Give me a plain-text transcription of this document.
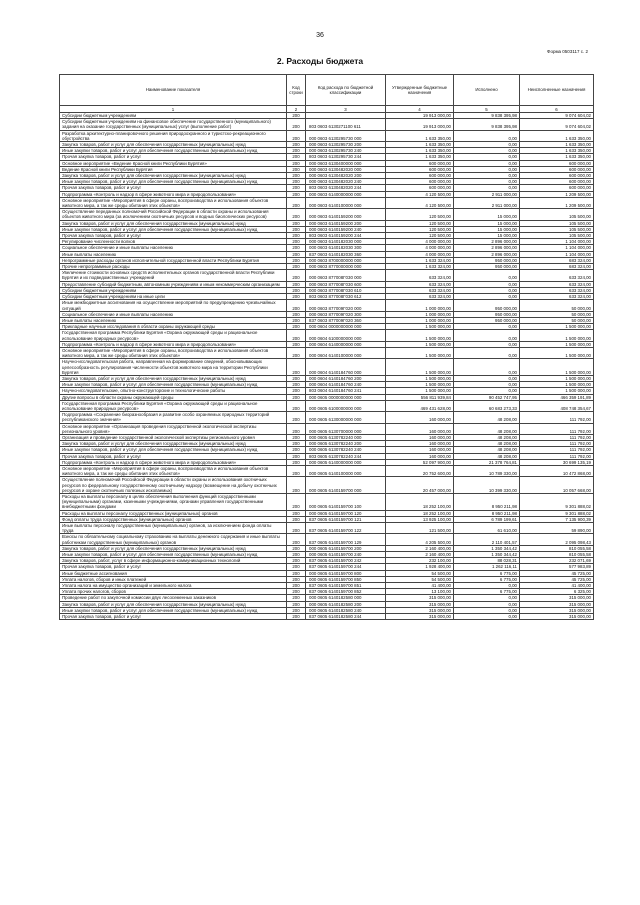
36
Форма 0503117 с. 2
2. Расходы бюджета
Наименование показателя	Код строки	Код расхода по бюджетной классификации	Утвержденные бюджетные назначения	Исполнено	Неисполненные назначения
1	2	3	4	5	6
Субсидии бюджетным учреждениям	200		19 913 000,00	9 838 395,98	9 074 604,02
Субсидии бюджетным учреждениям на финансовое обеспечение государственного (муниципального) задания на оказание государственных (муниципальных) услуг (выполнение работ)	200	803 0603 6130271100 611	19 913 000,00	9 838 395,98	9 074 604,02
Разработка архитектурно-планировочного решения природоохранного и туристско-рекреационного обустройства	200	000 0603 6130295730 000	1 633 350,00	0,00	1 633 350,00
Закупка товаров, работ и услуг для обеспечения государственных (муниципальных) нужд	200	000 0603 6130295730 200	1 633 350,00	0,00	1 633 350,00
Иные закупки товаров, работ и услуг для обеспечения государственных (муниципальных) нужд	200	000 0603 6130295730 240	1 633 350,00	0,00	1 633 350,00
Прочая закупка товаров, работ и услуг	200	803 0603 6130295730 244	1 633 350,00	0,00	1 633 350,00
Основное мероприятие «Ведение Красной книги Республики Бурятия»	200	000 0603 6130400000 000	600 000,00	0,00	600 000,00
Ведение Красной книги Республики Бурятия	200	000 0603 6130482020 000	600 000,00	0,00	600 000,00
Закупка товаров, работ и услуг для обеспечения государственных (муниципальных) нужд	200	000 0603 6130482020 200	600 000,00	0,00	600 000,00
Иные закупки товаров, работ и услуг для обеспечения государственных (муниципальных) нужд	200	000 0603 6130482020 240	600 000,00	0,00	600 000,00
Прочая закупка товаров, работ и услуг	200	803 0603 6130482020 244	600 000,00	0,00	600 000,00
Подпрограмма «Контроль и надзор в сфере животного мира и природопользования»	200	000 0603 6140000000 000	4 120 500,00	2 911 000,00	1 209 500,00
Основное мероприятие «Мероприятия в сфере охраны, воспроизводства и использования объектов животного мира, а так же среды обитания этих объектов»	200	000 0603 6140100000 000	4 120 500,00	2 911 000,00	1 209 500,00
Осуществление переданных полномочий Российской Федерации в области охраны и использования объектов животного мира (за исключением охотничьих ресурсов и водных биологических ресурсов)	200	000 0603 6140159200 000	120 500,00	15 000,00	105 500,00
Закупка товаров, работ и услуг для обеспечения государственных (муниципальных) нужд	200	000 0603 6140159200 200	120 500,00	15 000,00	105 500,00
Иные закупки товаров, работ и услуг для обеспечения государственных (муниципальных) нужд	200	000 0603 6140159200 240	120 500,00	15 000,00	105 500,00
Прочая закупка товаров, работ и услуг	200	803 0603 6140159200 244	120 500,00	15 000,00	105 500,00
Регулирование численности волков	200	000 0603 6140182030 000	4 000 000,00	2 896 000,00	1 104 000,00
Социальное обеспечение и иные выплаты населению	200	000 0603 6140182030 300	4 000 000,00	2 896 000,00	1 104 000,00
Иные выплаты населению	200	837 0603 6140182030 360	4 000 000,00	2 896 000,00	1 104 000,00
Непрограммные расходы органов исполнительной государственной власти Республики Бурятия	200	000 0603 8700000000 000	1 633 324,00	950 000,00	683 324,00
Прочие непрограммные расходы	200	000 0603 8770000000 000	1 633 324,00	950 000,00	683 324,00
Увеличение стоимости основных средств исполнительных органов государственной власти Республики Бурятия и их подведомственных учреждений	200	000 0603 877008Г030 000	633 324,00	0,00	633 324,00
Предоставление субсидий бюджетным, автономным учреждениям и иным некоммерческим организациям	200	000 0603 877008Г030 600	633 324,00	0,00	633 324,00
Субсидии бюджетным учреждениям	200	000 0603 877008Г030 610	633 324,00	0,00	633 324,00
Субсидии бюджетным учреждениям на иные цели	200	803 0603 877008Г030 612	633 324,00	0,00	633 324,00
Иные межбюджетные ассигнования на осуществление мероприятий по предупреждению чрезвычайных ситуаций	200	000 0603 877009Г020 000	1 000 000,00	950 000,00	50 000,00
Социальное обеспечение и иные выплаты населению	200	000 0603 877009Г020 300	1 000 000,00	950 000,00	50 000,00
Иные выплаты населению	200	837 0603 877009Г020 360	1 000 000,00	950 000,00	50 000,00
Прикладные научные исследования в области охраны окружающей среды	200	000 0604 0000000000 000	1 500 000,00	0,00	1 500 000,00
Государственная программа Республики Бурятия «Охрана окружающей среды и рациональное использование природных ресурсов»	200	000 0604 6100000000 000	1 500 000,00	0,00	1 500 000,00
Подпрограмма «Контроль и надзор в сфере животного мира и природопользования»	200	000 0604 6140000000 000	1 500 000,00	0,00	1 500 000,00
Основное мероприятие «Мероприятия в сфере охраны, воспроизводства и использования объектов животного мира, а так же среды обитания этих объектов»	200	000 0604 6140100000 000	1 500 000,00	0,00	1 500 000,00
Научно-исследовательская работа, направленная на формирование сведений, обосновывающих целесообразность регулирования численности объектов животного мира на территории Республики Бурятия	200	000 0604 6140184760 000	1 500 000,00	0,00	1 500 000,00
Закупка товаров, работ и услуг для обеспечения государственных (муниципальных) нужд	200	000 0604 6140184760 200	1 500 000,00	0,00	1 500 000,00
Иные закупки товаров, работ и услуг для обеспечения государственных (муниципальных) нужд	200	000 0604 6140184760 240	1 500 000,00	0,00	1 500 000,00
Научно-исследовательские, опытно-конструкторские и технологические работы	200	803 0604 6140184760 241	1 500 000,00	0,00	1 500 000,00
Другие вопросы в области охраны окружающей среды	200	000 0605 0000000000 000	556 811 939,84	90 452 747,95	466 359 191,89
Государственная программа Республики Бурятия «Охрана окружающей среды и рациональное использование природных ресурсов»	200	000 0605 6100000000 000	469 431 628,00	60 683 273,33	408 748 354,67
Подпрограмма «Сохранение биоразнообразия и развитие особо охраняемых природных территорий республиканского значения»	200	000 0605 6130000000 000	160 000,00	48 208,00	111 792,00
Основное мероприятие «Организация проведения государственной экологической экспертизы регионального уровня»	200	000 0605 6130700000 000	160 000,00	48 208,00	111 792,00
Организация и проведение государственной экологической экспертизы регионального уровня	200	000 0605 6130782240 000	160 000,00	48 208,00	111 792,00
Закупка товаров, работ и услуг для обеспечения государственных (муниципальных) нужд	200	000 0605 6130782240 200	160 000,00	48 208,00	111 792,00
Иные закупки товаров, работ и услуг для обеспечения государственных (муниципальных) нужд	200	000 0605 6130782240 240	160 000,00	48 208,00	111 792,00
Прочая закупка товаров, работ и услуг	200	803 0605 6130782240 244	160 000,00	48 208,00	111 792,00
Подпрограмма «Контроль и надзор в сфере животного мира и природопользования»	200	000 0605 6140000000 000	52 097 900,00	21 378 764,81	30 699 135,19
Основное мероприятие «Мероприятия в сфере охраны, воспроизводства и использования объектов животного мира, а так же среды обитания этих объектов»	200	000 0605 6140100000 000	20 752 600,00	10 789 330,00	10 472 868,00
Осуществление полномочий Российской Федерации в области охраны и использования охотничьих ресурсов по федеральному государственному охотничьему надзору (возмещение на добычу охотничьих ресурсов и охране охотничьих полезных ископаемых)	200	000 0605 6140159700 000	20 457 000,00	10 399 330,00	10 057 668,00
Расходы на выплаты персоналу в целях обеспечения выполнения функций государственными (муниципальными) органами, казенными учреждениями, органами управления государственными внебюджетными фондами	200	000 0605 6140159700 100	18 252 100,00	8 950 211,98	9 301 888,02
Расходы на выплаты персоналу государственных (муниципальных) органов	200	000 0605 6140159700 120	18 252 100,00	8 950 211,98	9 301 888,02
Фонд оплаты труда государственных (муниципальных) органов	200	837 0605 6140159700 121	13 925 100,00	6 789 199,61	7 135 900,39
Иные выплаты персоналу государственных (муниципальных) органов, за исключением фонда оплаты труда	200	837 0605 6140159700 122	121 500,00	61 610,00	59 890,00
Взносы по обязательному социальному страхованию на выплаты денежного содержания и иные выплаты работникам государственных (муниципальных) органов	200	837 0605 6140159700 129	4 205 500,00	2 110 401,57	2 095 098,43
Закупка товаров, работ и услуг для обеспечения государственных (муниципальных) нужд	200	000 0605 6140159700 200	2 160 400,00	1 350 344,42	810 055,58
Иные закупки товаров, работ и услуг для обеспечения государственных (муниципальных) нужд	200	000 0605 6140159700 240	2 160 400,00	1 350 344,42	810 055,58
Закупка товаров, работ, услуг в сфере информационно-коммуникационных технологий	200	837 0605 6140159700 242	232 100,00	88 028,31	232 071,69
Прочая закупка товаров, работ и услуг	200	837 0605 6140159700 244	1 928 400,00	1 262 116,11	577 983,89
Иные бюджетные ассигнования	200	000 0605 6140159700 800	54 500,00	6 775,00	45 725,00
Уплата налогов, сборов и иных платежей	200	000 0605 6140159700 850	54 500,00	6 775,00	45 725,00
Уплата налога на имущество организаций и земельного налога	200	837 0605 6140159700 851	41 400,00	0,00	41 400,00
Уплата прочих налогов, сборов	200	837 0605 6140159700 852	13 100,00	6 775,00	6 325,00
Проведение работ по закупочной комиссии двух лесосеменных заказников	200	000 0605 6140182580 000	315 000,00	0,00	315 000,00
Закупка товаров, работ и услуг для обеспечения государственных (муниципальных) нужд	200	000 0605 6140182580 200	315 000,00	0,00	315 000,00
Иные закупки товаров, работ и услуг для обеспечения государственных (муниципальных) нужд	200	000 0605 6140182580 240	315 000,00	0,00	315 000,00
Прочая закупка товаров, работ и услуг	200	837 0605 6140182580 244	315 000,00	0,00	315 000,00
